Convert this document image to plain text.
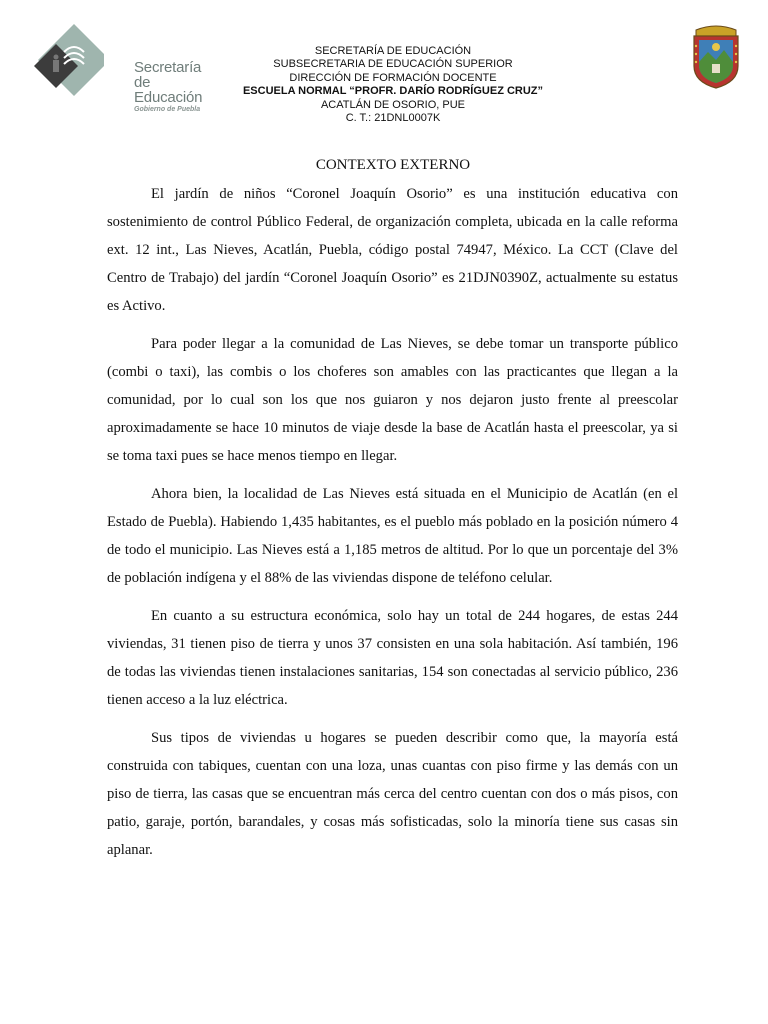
Secretaría
de Educación
Gobierno de Puebla
SECRETARÍA DE EDUCACIÓN
SUBSECRETARIA DE EDUCACIÓN SUPERIOR
DIRECCIÓN DE FORMACIÓN DOCENTE
ESCUELA NORMAL “PROFR. DARÍO RODRÍGUEZ CRUZ”
ACATLÁN DE OSORIO, PUE
C. T.: 21DNL0007K
CONTEXTO EXTERNO

El jardín de niños “Coronel Joaquín Osorio” es una institución educativa con sostenimiento de control Público Federal, de organización completa, ubicada en la calle reforma ext. 12 int., Las Nieves, Acatlán, Puebla, código postal 74947, México. La CCT (Clave del Centro de Trabajo) del jardín “Coronel Joaquín Osorio” es 21DJN0390Z, actualmente su estatus es Activo.

Para poder llegar a la comunidad de Las Nieves, se debe tomar un transporte público (combi o taxi), las combis o los choferes son amables con las practicantes que llegan a la comunidad, por lo cual son los que nos guiaron y nos dejaron justo frente al preescolar aproximadamente se hace 10 minutos de viaje desde la base de Acatlán hasta el preescolar, ya si se toma taxi pues se hace menos tiempo en llegar.

Ahora bien, la localidad de Las Nieves está situada en el Municipio de Acatlán (en el Estado de Puebla). Habiendo 1,435 habitantes, es el pueblo más poblado en la posición número 4 de todo el municipio. Las Nieves está a 1,185 metros de altitud. Por lo que un porcentaje del 3% de población indígena y el 88% de las viviendas dispone de teléfono celular.

En cuanto a su estructura económica, solo hay un total de 244 hogares, de estas 244 viviendas, 31 tienen piso de tierra y unos 37 consisten en una sola habitación. Así también, 196 de todas las viviendas tienen instalaciones sanitarias, 154 son conectadas al servicio público, 236 tienen acceso a la luz eléctrica.

Sus tipos de viviendas u hogares se pueden describir como que, la mayoría está construida con tabiques, cuentan con una loza, unas cuantas con piso firme y las demás con un piso de tierra, las casas que se encuentran más cerca del centro cuentan con dos o más pisos, con patio, garaje, portón, barandales, y cosas más sofisticadas, solo la minoría tiene sus casas sin aplanar.
